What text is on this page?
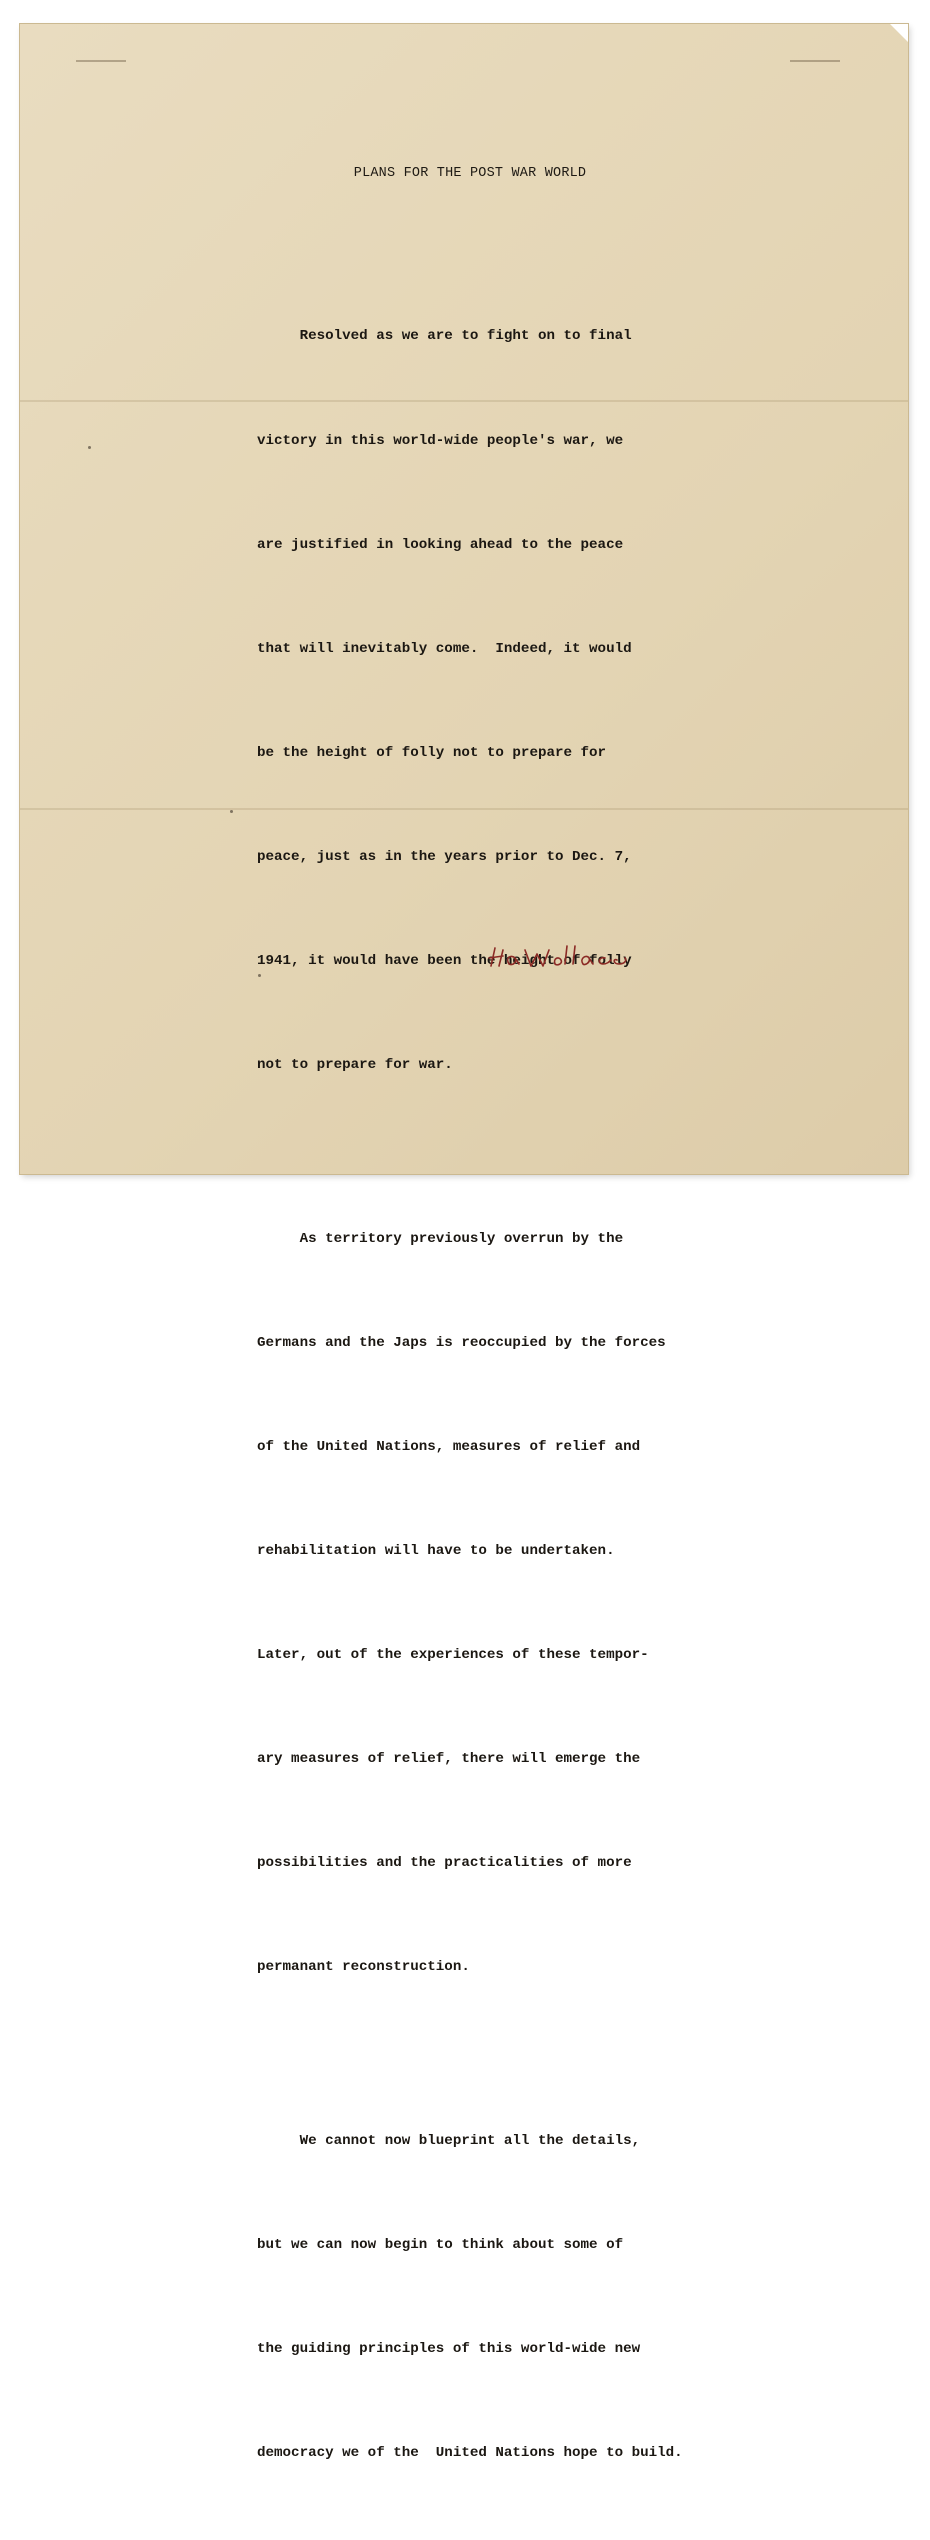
PLANS FOR THE POST WAR WORLD

Resolved as we are to fight on to final

victory in this world-wide people's war, we

are justified in looking ahead to the peace

that will inevitably come.  Indeed, it would

be the height of folly not to prepare for

peace, just as in the years prior to Dec. 7,

1941, it would have been the height of folly

not to prepare for war.

As territory previously overrun by the

Germans and the Japs is reoccupied by the forces

of the United Nations, measures of relief and

rehabilitation will have to be undertaken.

Later, out of the experiences of these tempor-

ary measures of relief, there will emerge the

possibilities and the practicalities of more

permanant reconstruction.

We cannot now blueprint all the details,

but we can now begin to think about some of

the guiding principles of this world-wide new

democracy we of the  United Nations hope to build.
